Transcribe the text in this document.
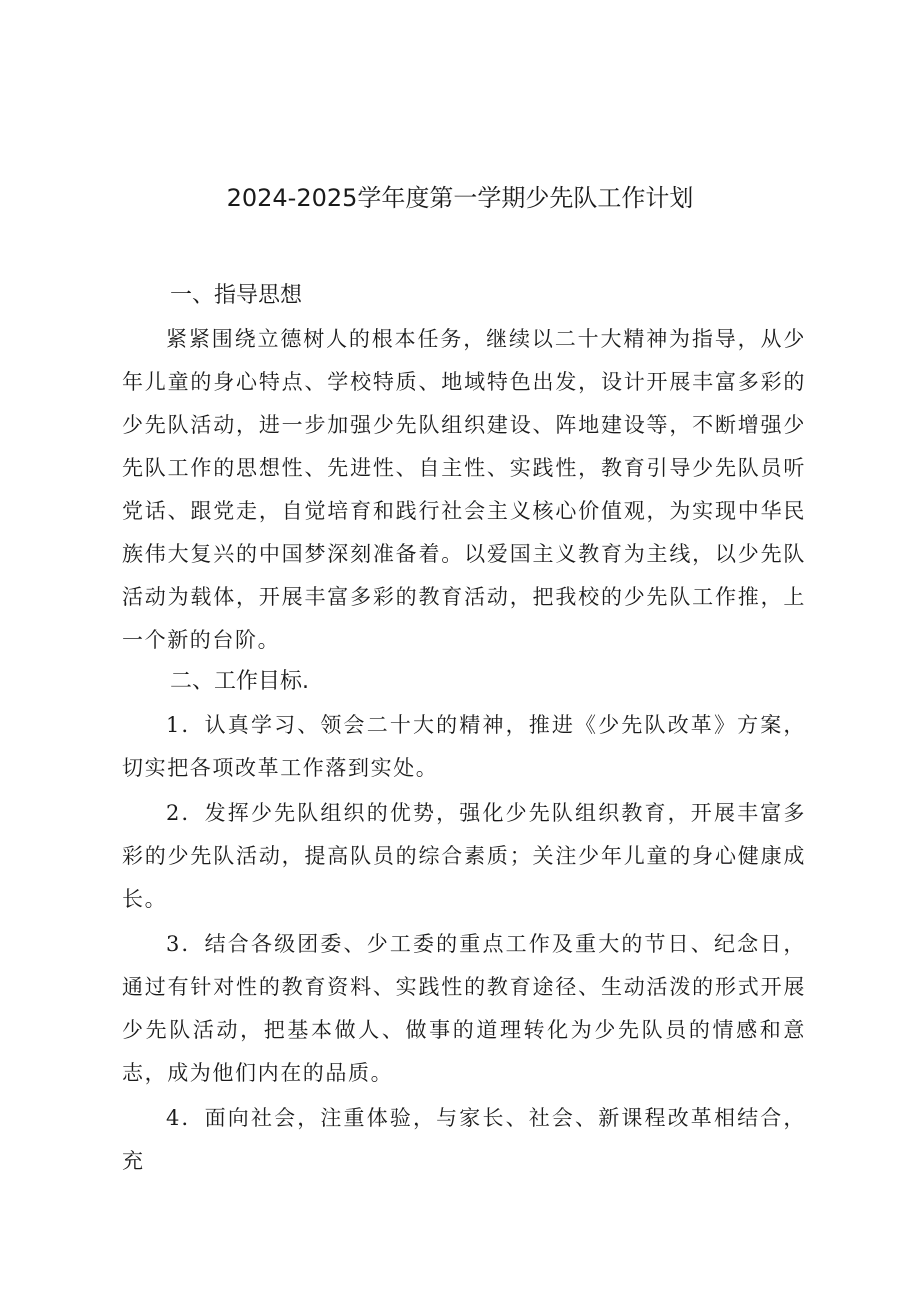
2024-2025学年度第一学期少先队工作计划
一、指导思想

紧紧围绕立德树人的根本任务，继续以二十大精神为指导，从少年儿童的身心特点、学校特质、地域特色出发，设计开展丰富多彩的少先队活动，进一步加强少先队组织建设、阵地建设等，不断增强少先队工作的思想性、先进性、自主性、实践性，教育引导少先队员听党话、跟党走，自觉培育和践行社会主义核心价值观，为实现中华民族伟大复兴的中国梦深刻准备着。以爱国主义教育为主线，以少先队活动为载体，开展丰富多彩的教育活动，把我校的少先队工作推，上一个新的台阶。

二、工作目标.

1．认真学习、领会二十大的精神，推进《少先队改革》方案，切实把各项改革工作落到实处。

2．发挥少先队组织的优势，强化少先队组织教育，开展丰富多彩的少先队活动，提高队员的综合素质；关注少年儿童的身心健康成长。

3．结合各级团委、少工委的重点工作及重大的节日、纪念日，通过有针对性的教育资料、实践性的教育途径、生动活泼的形式开展少先队活动，把基本做人、做事的道理转化为少先队员的情感和意志，成为他们内在的品质。

4．面向社会，注重体验，与家长、社会、新课程改革相结合，充
